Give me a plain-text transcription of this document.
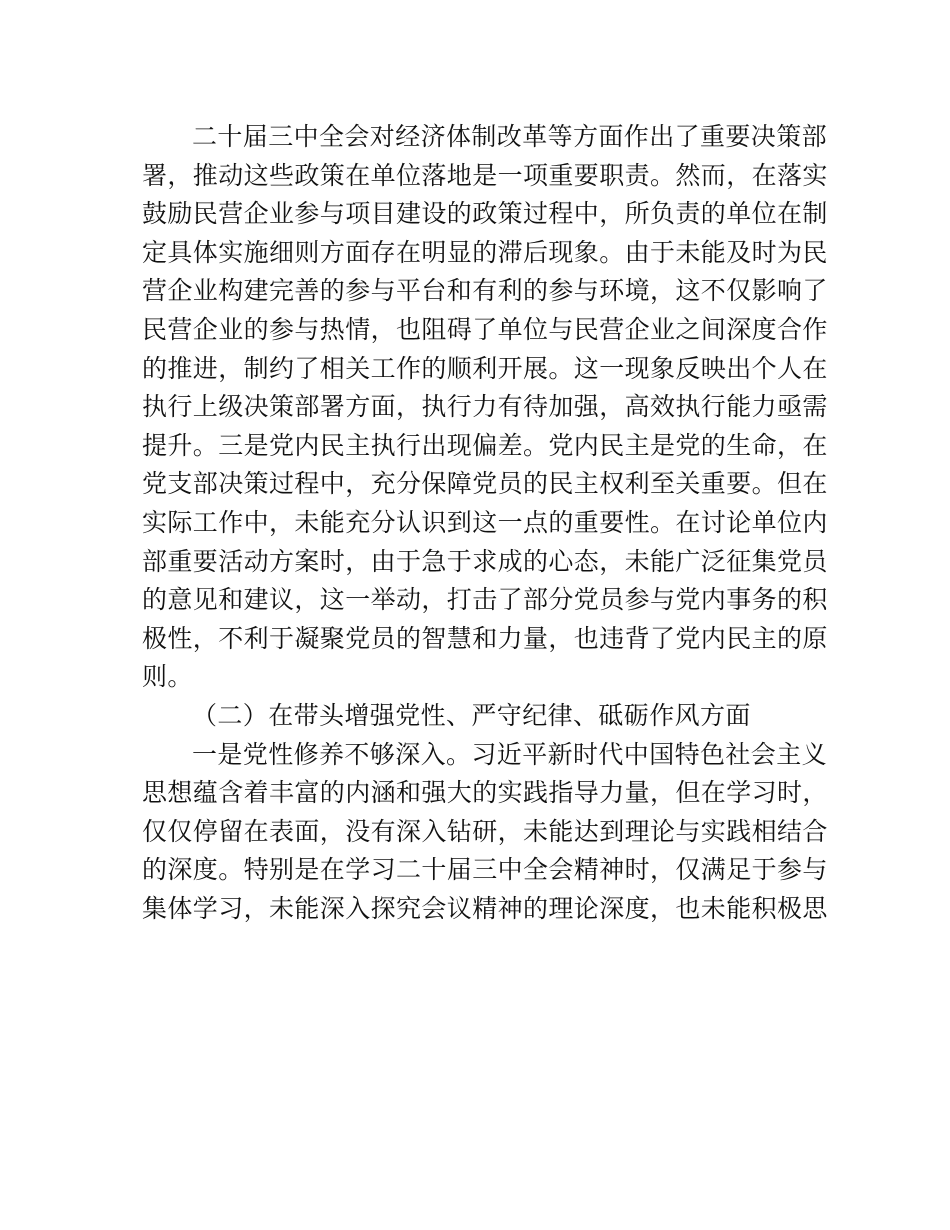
二十届三中全会对经济体制改革等方面作出了重要决策部
署，推动这些政策在单位落地是一项重要职责。然而，在落实
鼓励民营企业参与项目建设的政策过程中，所负责的单位在制
定具体实施细则方面存在明显的滞后现象。由于未能及时为民
营企业构建完善的参与平台和有利的参与环境，这不仅影响了
民营企业的参与热情，也阻碍了单位与民营企业之间深度合作
的推进，制约了相关工作的顺利开展。这一现象反映出个人在
执行上级决策部署方面，执行力有待加强，高效执行能力亟需
提升。三是党内民主执行出现偏差。党内民主是党的生命，在
党支部决策过程中，充分保障党员的民主权利至关重要。但在
实际工作中，未能充分认识到这一点的重要性。在讨论单位内
部重要活动方案时，由于急于求成的心态，未能广泛征集党员
的意见和建议，这一举动，打击了部分党员参与党内事务的积
极性，不利于凝聚党员的智慧和力量，也违背了党内民主的原
则。

（二）在带头增强党性、严守纪律、砥砺作风方面

一是党性修养不够深入。习近平新时代中国特色社会主义
思想蕴含着丰富的内涵和强大的实践指导力量，但在学习时，
仅仅停留在表面，没有深入钻研，未能达到理论与实践相结合
的深度。特别是在学习二十届三中全会精神时，仅满足于参与
集体学习，未能深入探究会议精神的理论深度，也未能积极思
